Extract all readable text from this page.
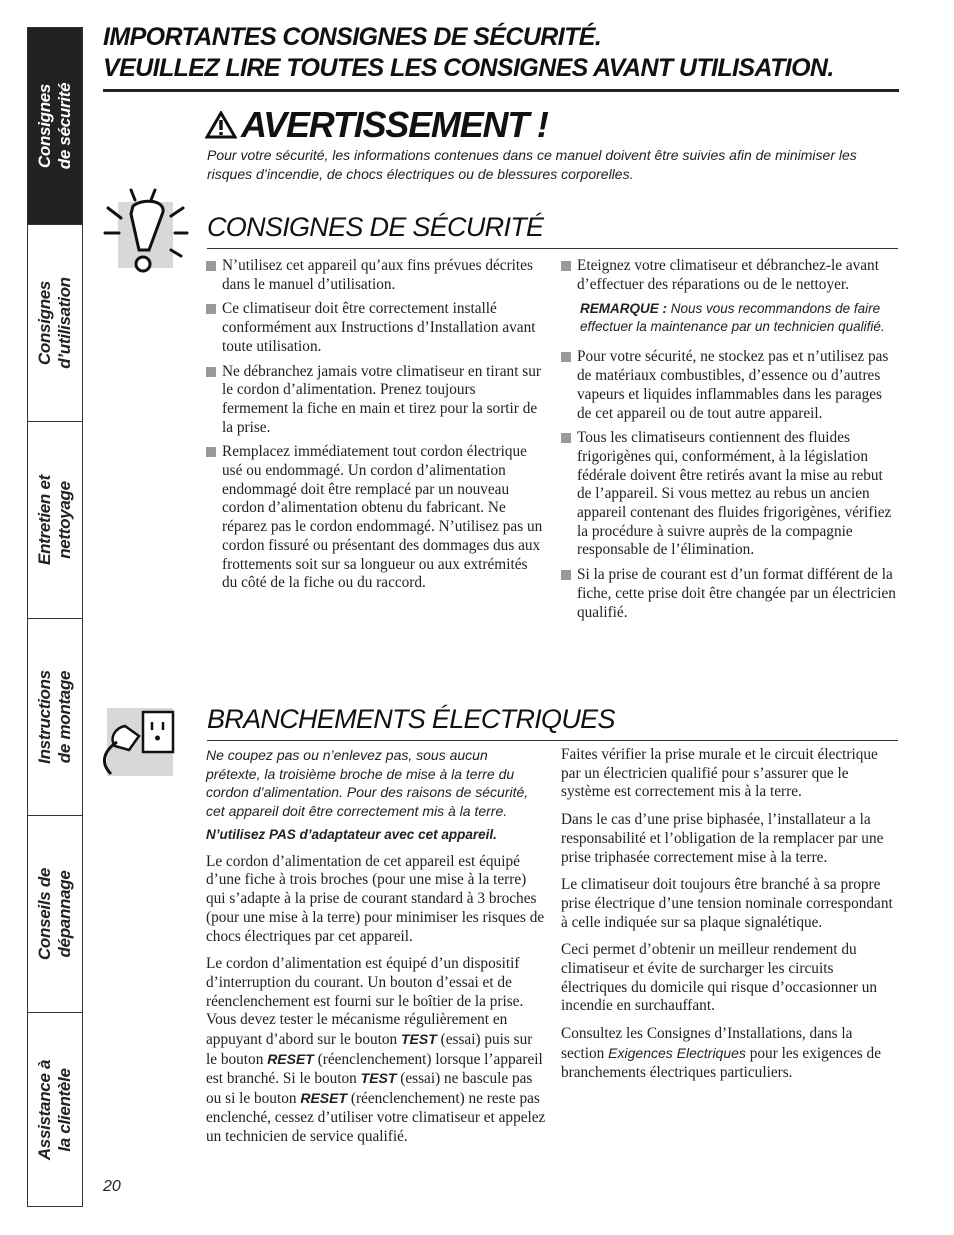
Consignes de sécurité
Consignes d’utilisation
Entretien et nettoyage
Instructions de montage
Conseils de dépannage
Assistance à la clientèle
IMPORTANTES CONSIGNES DE SÉCURITÉ.
VEUILLEZ LIRE TOUTES LES CONSIGNES AVANT UTILISATION.
AVERTISSEMENT !
Pour votre sécurité, les informations contenues dans ce manuel doivent être suivies afin de minimiser les risques d’incendie, de chocs électriques ou de blessures corporelles.
CONSIGNES DE SÉCURITÉ
N’utilisez cet appareil qu’aux fins prévues décrites dans le manuel d’utilisation.
Ce climatiseur doit être correctement installé conformément aux Instructions d’Installation avant toute utilisation.
Ne débranchez jamais votre climatiseur en tirant sur le cordon d’alimentation. Prenez toujours fermement la fiche en main et tirez pour la sortir de la prise.
Remplacez immédiatement tout cordon électrique usé ou endommagé. Un cordon d’alimentation endommagé doit être remplacé par un nouveau cordon d’alimentation obtenu du fabricant. Ne réparez pas le cordon endommagé. N’utilisez pas un cordon fissuré ou présentant des dommages dus aux frottements soit sur sa longueur ou aux extrémités du côté de la fiche ou du raccord.
Eteignez votre climatiseur et débranchez-le avant d’effectuer des réparations ou de le nettoyer.
REMARQUE : Nous vous recommandons de faire effectuer la maintenance par un technicien qualifié.
Pour votre sécurité, ne stockez pas et n’utilisez pas de matériaux combustibles, d’essence ou d’autres vapeurs et liquides inflammables dans les parages de cet appareil ou de tout autre appareil.
Tous les climatiseurs contiennent des fluides frigorigènes qui, conformément, à la législation fédérale doivent être retirés avant la mise au rebut de l’appareil. Si vous mettez au rebus un ancien appareil contenant des fluides frigorigènes, vérifiez la procédure à suivre auprès de la compagnie responsable de l’élimination.
Si la prise de courant est d’un format différent de la fiche, cette prise doit être changée par un électricien qualifié.
BRANCHEMENTS ÉLECTRIQUES
Ne coupez pas ou n’enlevez pas, sous aucun prétexte, la troisième broche de mise à la terre du cordon d’alimentation. Pour des raisons de sécurité, cet appareil doit être correctement mis à la terre.
N’utilisez PAS d’adaptateur avec cet appareil.

Le cordon d’alimentation de cet appareil est équipé d’une fiche à trois broches (pour une mise à la terre) qui s’adapte à la prise de courant standard à 3 broches (pour une mise à la terre) pour minimiser les risques de chocs électriques par cet appareil.

Le cordon d’alimentation est équipé d’un dispositif d’interruption du courant. Un bouton d’essai et de réenclenchement est fourni sur le boîtier de la prise. Vous devez tester le mécanisme régulièrement en appuyant d’abord sur le bouton TEST (essai) puis sur le bouton RESET (réenclenchement) lorsque l’appareil est branché. Si le bouton TEST (essai) ne bascule pas ou si le bouton RESET (réenclenchement) ne reste pas enclenché, cessez d’utiliser votre climatiseur et appelez un technicien de service qualifié.

Faites vérifier la prise murale et le circuit électrique par un électricien qualifié pour s’assurer que le système est correctement mis à la terre.

Dans le cas d’une prise biphasée, l’installateur a la responsabilité et l’obligation de la remplacer par une prise triphasée correctement mise à la terre.

Le climatiseur doit toujours être branché à sa propre prise électrique d’une tension nominale correspondant à celle indiquée sur sa plaque signalétique.

Ceci permet d’obtenir un meilleur rendement du climatiseur et évite de surcharger les circuits électriques du domicile qui risque d’occasionner un incendie en surchauffant.

Consultez les Consignes d’Installations, dans la section Exigences Electriques pour les exigences de branchements électriques particuliers.

20
